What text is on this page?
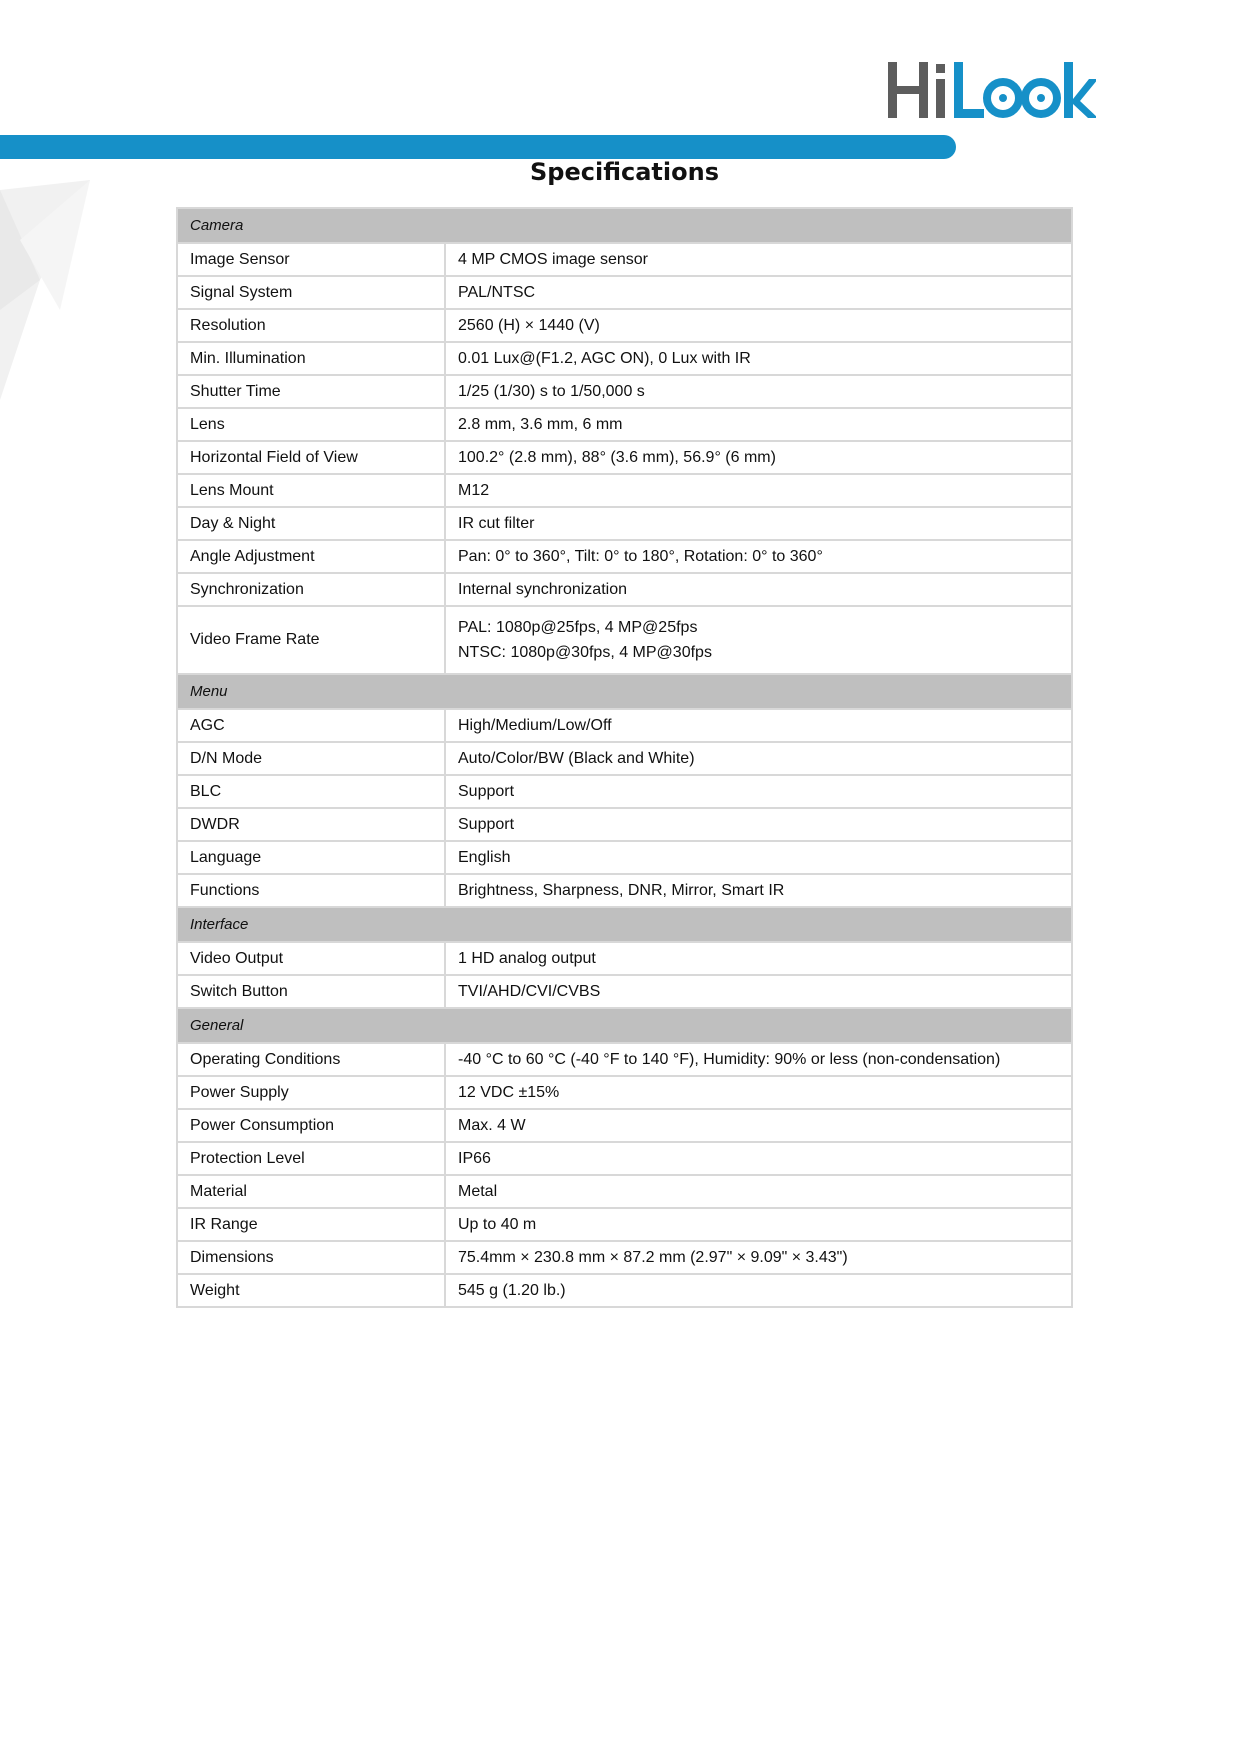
Specifications
Camera	
Image Sensor	4 MP CMOS image sensor
Signal System	PAL/NTSC
Resolution	2560 (H) × 1440 (V)
Min. Illumination	0.01 Lux@(F1.2, AGC ON), 0 Lux with IR
Shutter Time	1/25 (1/30) s to 1/50,000 s
Lens	2.8 mm, 3.6 mm, 6 mm
Horizontal Field of View	100.2° (2.8 mm), 88° (3.6 mm), 56.9° (6 mm)
Lens Mount	M12
Day & Night	IR cut filter
Angle Adjustment	Pan: 0° to 360°, Tilt: 0° to 180°, Rotation: 0° to 360°
Synchronization	Internal synchronization
Video Frame Rate	PAL: 1080p@25fps, 4 MP@25fps
NTSC: 1080p@30fps, 4 MP@30fps

Menu	
AGC	High/Medium/Low/Off
D/N Mode	Auto/Color/BW (Black and White)
BLC	Support
DWDR	Support
Language	English
Functions	Brightness, Sharpness, DNR, Mirror, Smart IR
Interface	
Video Output	1 HD analog output
Switch Button	TVI/AHD/CVI/CVBS
General	
Operating Conditions	-40 °C to 60 °C (-40 °F to 140 °F), Humidity: 90% or less (non-condensation)
Power Supply	12 VDC ±15%
Power Consumption	Max. 4 W
Protection Level	IP66
Material	Metal
IR Range	Up to 40 m
Dimensions	75.4mm × 230.8 mm × 87.2 mm (2.97" × 9.09" × 3.43")
Weight	545 g (1.20 lb.)
